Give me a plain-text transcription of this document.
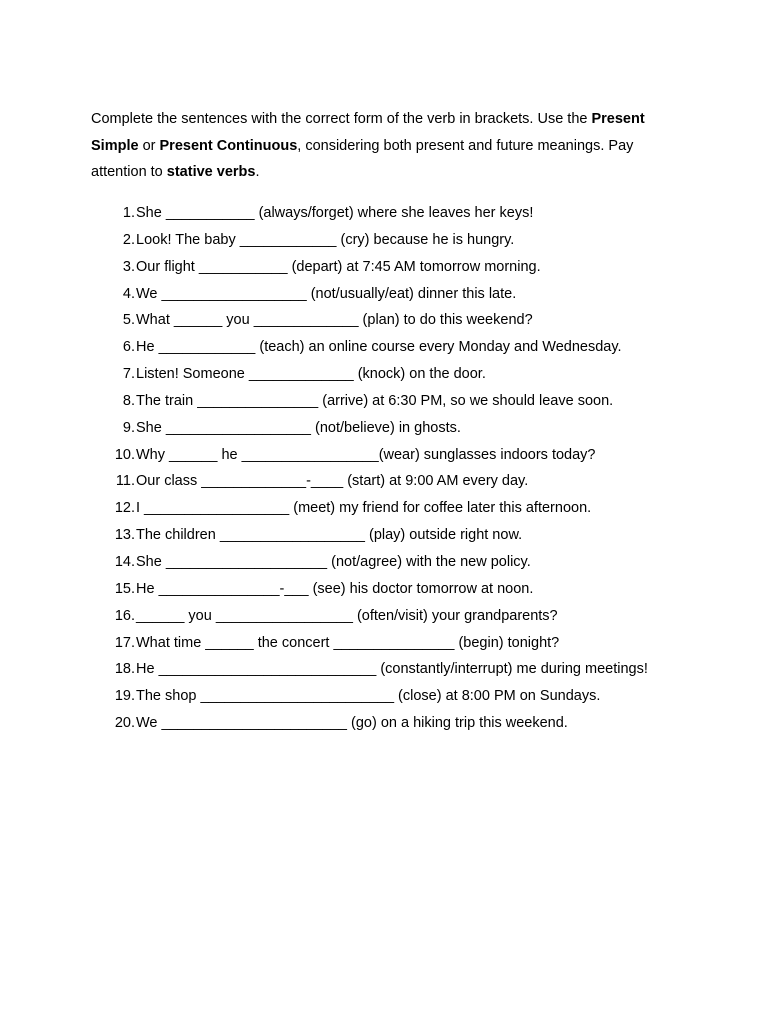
Complete the sentences with the correct form of the verb in brackets. Use the Present Simple or Present Continuous, considering both present and future meanings. Pay attention to stative verbs.

1. She ___________ (always/forget) where she leaves her keys!
2. Look! The baby ____________ (cry) because he is hungry.
3. Our flight ___________ (depart) at 7:45 AM tomorrow morning.
4. We __________________ (not/usually/eat) dinner this late.
5. What ______ you _____________ (plan) to do this weekend?
6. He ____________ (teach) an online course every Monday and Wednesday.
7. Listen! Someone _____________ (knock) on the door.
8. The train _______________ (arrive) at 6:30 PM, so we should leave soon.
9. She __________________ (not/believe) in ghosts.
10. Why ______ he _________________(wear) sunglasses indoors today?
11. Our class _____________-____ (start) at 9:00 AM every day.
12. I __________________ (meet) my friend for coffee later this afternoon.
13. The children __________________ (play) outside right now.
14. She ____________________ (not/agree) with the new policy.
15. He _______________-___ (see) his doctor tomorrow at noon.
16. ______ you _________________ (often/visit) your grandparents?
17. What time ______ the concert _______________ (begin) tonight?
18. He ___________________________ (constantly/interrupt) me during meetings!
19. The shop ________________________ (close) at 8:00 PM on Sundays.
20. We _______________________ (go) on a hiking trip this weekend.
